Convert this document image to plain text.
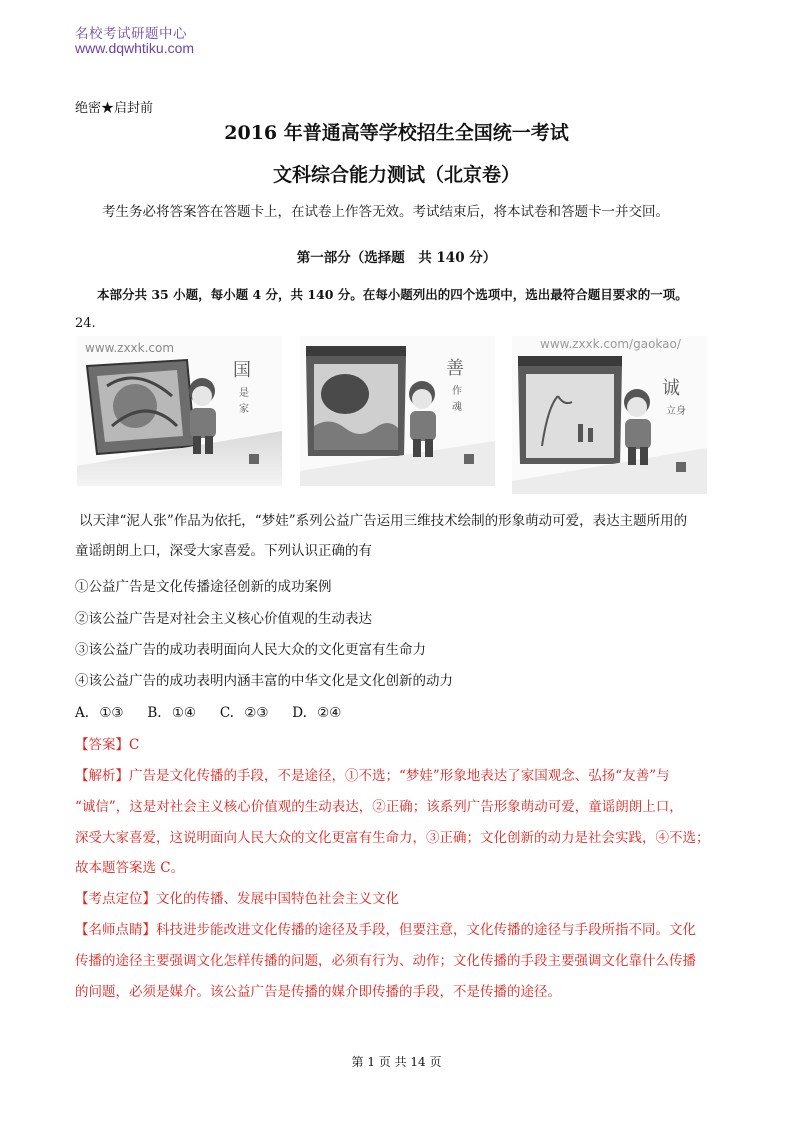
名校考试研题中心
www.dqwhtiku.com
绝密★启封前
2016 年普通高等学校招生全国统一考试
文科综合能力测试（北京卷）
考生务必将答案答在答题卡上，在试卷上作答无效。考试结束后，将本试卷和答题卡一并交回。
第一部分（选择题　共 140 分）
本部分共 35 小题，每小题 4 分，共 140 分。在每小题列出的四个选项中，选出最符合题目要求的一项。
24.
www.zxxk.com
国
是
家
善
作
魂
www.zxxk.com/gaokao/
诚
立 身
以天津“泥人张”作品为依托，“梦娃”系列公益广告运用三维技术绘制的形象萌动可爱，表达主题所用的
童谣朗朗上口，深受大家喜爱。下列认识正确的有
①公益广告是文化传播途径创新的成功案例
②该公益广告是对社会主义核心价值观的生动表达
③该公益广告的成功表明面向人民大众的文化更富有生命力
④该公益广告的成功表明内涵丰富的中华文化是文化创新的动力
A. ①③　 B. ①④　 C. ②③　 D. ②④
【答案】C
【解析】广告是文化传播的手段，不是途径，①不选；“梦娃”形象地表达了家国观念、弘扬“友善”与
“诚信”，这是对社会主义核心价值观的生动表达，②正确；该系列广告形象萌动可爱，童谣朗朗上口，
深受大家喜爱，这说明面向人民大众的文化更富有生命力，③正确；文化创新的动力是社会实践，④不选；
故本题答案选 C。
【考点定位】文化的传播、发展中国特色社会主义文化
【名师点睛】科技进步能改进文化传播的途径及手段，但要注意，文化传播的途径与手段所指不同。文化
传播的途径主要强调文化怎样传播的问题，必须有行为、动作；文化传播的手段主要强调文化靠什么传播
的问题，必须是媒介。该公益广告是传播的媒介即传播的手段，不是传播的途径。
第 1 页 共 14 页
